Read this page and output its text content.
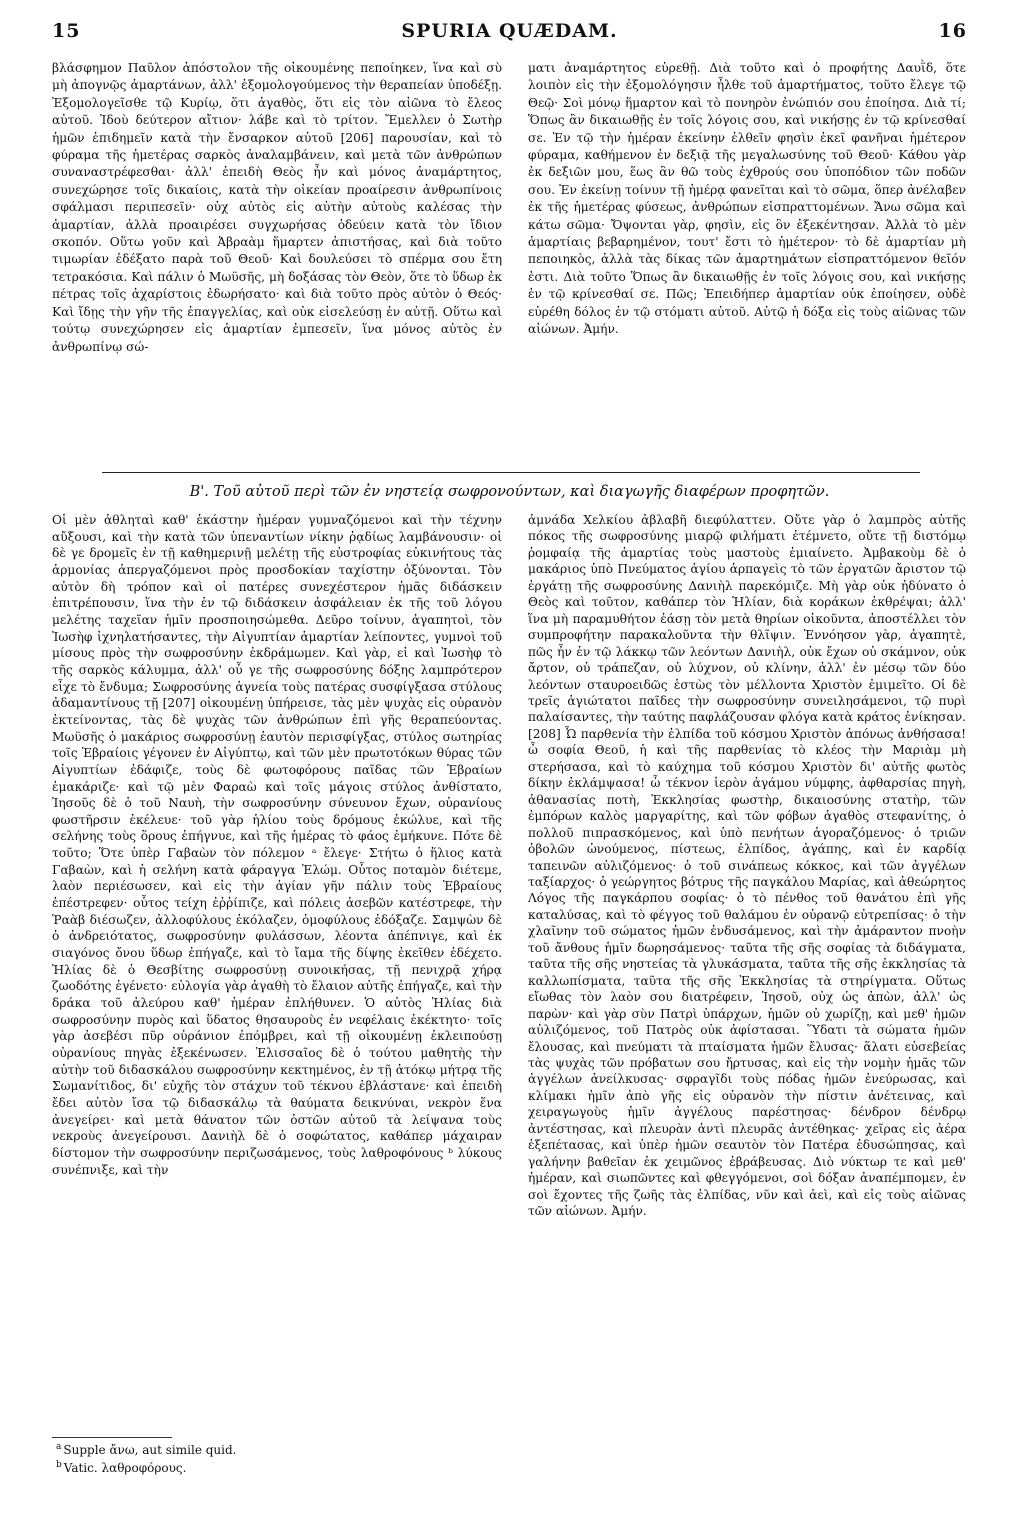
15	SPURIA QUÆDAM.	16

βλάσφημον Παῦλον ἀπόστολον τῆς οἰκουμένης πεποίηκεν, ἵνα καὶ σὺ μὴ ἀπογνῷς ἁμαρτάνων, ἀλλ' ἐξομολογούμενος τὴν θεραπείαν ὑποδέξῃ. Ἐξομολογεῖσθε τῷ Κυρίῳ, ὅτι ἀγαθὸς, ὅτι εἰς τὸν αἰῶνα τὸ ἔλεος αὐτοῦ. Ἰδοὺ δεύτερον αἴτιον· λάβε καὶ τὸ τρίτον. Ἔμελλεν ὁ Σωτὴρ ἡμῶν ἐπιδημεῖν κατὰ τὴν ἔνσαρκον αὐτοῦ [206] παρουσίαν, καὶ τὸ φύραμα τῆς ἡμετέρας σαρκὸς ἀναλαμβάνειν, καὶ μετὰ τῶν ἀνθρώπων συναναστρέφεσθαι· ἀλλ' ἐπειδὴ Θεὸς ἦν καὶ μόνος ἀναμάρτητος, συνεχώρησε τοῖς δικαίοις, κατὰ τὴν οἰκείαν προαίρεσιν ἀνθρωπίνοις σφάλμασι περιπεσεῖν· οὐχ αὐτὸς εἰς αὐτὴν αὐτοὺς καλέσας τὴν ἁμαρτίαν, ἀλλὰ προαιρέσει συγχωρήσας ὁδεύειν κατὰ τὸν ἴδιον σκοπόν. Οὕτω γοῦν καὶ Ἀβραὰμ ἥμαρτεν ἀπιστήσας, καὶ διὰ τοῦτο τιμωρίαν ἐδέξατο παρὰ τοῦ Θεοῦ· Καὶ δουλεύσει τὸ σπέρμα σου ἔτη τετρακόσια. Καὶ πάλιν ὁ Μωϋσῆς, μὴ δοξάσας τὸν Θεὸν, ὅτε τὸ ὕδωρ ἐκ πέτρας τοῖς ἀχαρίστοις ἐδωρήσατο· καὶ διὰ τοῦτο πρὸς αὐτὸν ὁ Θεός· Καὶ ἴδῃς τὴν γῆν τῆς ἐπαγγελίας, καὶ οὐκ εἰσελεύσῃ ἐν αὐτῇ. Οὕτω καὶ τούτῳ συνεχώρησεν εἰς ἁμαρτίαν ἐμπεσεῖν, ἵνα μόνος αὐτὸς ἐν ἀνθρωπίνῳ σώ-

ματι ἀναμάρτητος εὑρεθῇ. Διὰ τοῦτο καὶ ὁ προφήτης Δαυῒδ, ὅτε λοιπὸν εἰς τὴν ἐξομολόγησιν ἦλθε τοῦ ἁμαρτήματος, τοῦτο ἔλεγε τῷ Θεῷ· Σοὶ μόνῳ ἥμαρτον καὶ τὸ πονηρὸν ἐνώπιόν σου ἐποίησα. Διὰ τί; Ὅπως ἂν δικαιωθῇς ἐν τοῖς λόγοις σου, καὶ νικήσῃς ἐν τῷ κρίνεσθαί σε. Ἐν τῷ τὴν ἡμέραν ἐκείνην ἐλθεῖν φησὶν ἐκεῖ φανῆναι ἡμέτερον φύραμα, καθήμενον ἐν δεξιᾷ τῆς μεγαλωσύνης τοῦ Θεοῦ· Κάθου γὰρ ἐκ δεξιῶν μου, ἕως ἂν θῶ τοὺς ἐχθρούς σου ὑποπόδιον τῶν ποδῶν σου. Ἐν ἐκείνῃ τοίνυν τῇ ἡμέρᾳ φανεῖται καὶ τὸ σῶμα, ὅπερ ἀνέλαβεν ἐκ τῆς ἡμετέρας φύσεως, ἀνθρώπων εἰσπραττομένων. Ἄνω σῶμα καὶ κάτω σῶμα· Ὄψονται γὰρ, φησὶν, εἰς ὃν ἐξεκέντησαν. Ἀλλὰ τὸ μὲν ἁμαρτίαις βεβαρημένον, τουτ' ἔστι τὸ ἡμέτερον· τὸ δὲ ἁμαρτίαν μὴ πεποιηκὸς, ἀλλὰ τὰς δίκας τῶν ἁμαρτημάτων εἰσπραττόμενον θεῖόν ἐστι. Διὰ τοῦτο Ὅπως ἂν δικαιωθῇς ἐν τοῖς λόγοις σου, καὶ νικήσῃς ἐν τῷ κρίνεσθαί σε. Πῶς; Ἐπειδήπερ ἁμαρτίαν οὐκ ἐποίησεν, οὐδὲ εὑρέθη δόλος ἐν τῷ στόματι αὐτοῦ. Αὐτῷ ἡ δόξα εἰς τοὺς αἰῶνας τῶν αἰώνων. Ἀμήν.

Β'. Τοῦ αὐτοῦ περὶ τῶν ἐν νηστείᾳ σωφρονούντων, καὶ διαγωγῆς διαφέρων προφητῶν.

Οἱ μὲν ἀθληταὶ καθ' ἑκάστην ἡμέραν γυμναζόμενοι καὶ τὴν τέχνην αὔξουσι, καὶ τὴν κατὰ τῶν ὑπεναντίων νίκην ῥᾳδίως λαμβάνουσιν· οἱ δὲ γε δρομεῖς ἐν τῇ καθημερινῇ μελέτῃ τῆς εὐστροφίας εὐκινήτους τὰς ἁρμονίας ἀπεργαζόμενοι πρὸς προσδοκίαν ταχίστην ὀξύνονται. Τὸν αὐτὸν δὴ τρόπον καὶ οἱ πατέρες συνεχέστερον ἡμᾶς διδάσκειν ἐπιτρέπουσιν, ἵνα τὴν ἐν τῷ διδάσκειν ἀσφάλειαν ἐκ τῆς τοῦ λόγου μελέτης ταχεῖαν ἡμῖν προσποιησώμεθα. Δεῦρο τοίνυν, ἀγαπητοὶ, τὸν Ἰωσὴφ ἰχνηλατήσαντες, τὴν Αἰγυπτίαν ἁμαρτίαν λείποντες, γυμνοὶ τοῦ μίσους πρὸς τὴν σωφροσύνην ἐκδράμωμεν. Καὶ γὰρ, εἰ καὶ Ἰωσὴφ τὸ τῆς σαρκὸς κάλυμμα, ἀλλ' οὖ γε τῆς σωφροσύνης δόξης λαμπρότερον εἶχε τὸ ἔνδυμα; Σωφροσύνης ἁγνεία τοὺς πατέρας συσφίγξασα στύλους ἀδαμαντίνους τῇ [207] οἰκουμένῃ ὑπήρεισε, τὰς μὲν ψυχὰς εἰς οὐρανὸν ἐκτείνοντας, τὰς δὲ ψυχὰς τῶν ἀνθρώπων ἐπὶ γῆς θεραπεύοντας. Μωϋσῆς ὁ μακάριος σωφροσύνῃ ἑαυτὸν περισφίγξας, στύλος σωτηρίας τοῖς Ἑβραίοις γέγονεν ἐν Αἰγύπτῳ, καὶ τῶν μὲν πρωτοτόκων θύρας τῶν Αἰγυπτίων ἐδάφιζε, τοὺς δὲ φωτοφόρους παῖδας τῶν Ἑβραίων ἐμακάριζε· καὶ τῷ μὲν Φαραὼ καὶ τοῖς μάγοις στύλος ἀνθίστατο, Ἰησοῦς δὲ ὁ τοῦ Ναυὴ, τὴν σωφροσύνην σύνευνον ἔχων, οὐρανίους φωστῆρσιν ἐκέλευε· τοῦ γὰρ ἡλίου τοὺς δρόμους ἐκώλυε, καὶ τῆς σελήνης τοὺς ὅρους ἐπήγνυε, καὶ τῆς ἡμέρας τὸ φάος ἐμήκυνε. Πότε δὲ τοῦτο; Ὅτε ὑπὲρ Γαβαὼν τὸν πόλεμον ᵃ ἔλεγε· Στήτω ὁ ἥλιος κατὰ Γαβαὼν, καὶ ἡ σελήνη κατὰ φάραγγα Ἐλώμ. Οὗτος ποταμὸν διέτεμε, λαὸν περιέσωσεν, καὶ εἰς τὴν ἁγίαν γῆν πάλιν τοὺς Ἑβραίους ἐπέστρεφεν· οὗτος τείχη ἐῤῥίπιζε, καὶ πόλεις ἀσεβῶν κατέστρεφε, τὴν Ῥαὰβ διέσωζεν, ἀλλοφύλους ἐκόλαζεν, ὁμοφύλους ἐδόξαζε. Σαμψὼν δὲ ὁ ἀνδρειότατος, σωφροσύνην φυλάσσων, λέοντα ἀπέπνιγε, καὶ ἐκ σιαγόνος ὄνου ὕδωρ ἐπήγαζε, καὶ τὸ ἴαμα τῆς δίψης ἐκεῖθεν ἐδέχετο. Ἡλίας δὲ ὁ Θεσβίτης σωφροσύνῃ συνοικήσας, τῇ πενιχρᾷ χήρᾳ ζωοδότης ἐγένετο· εὐλογία γὰρ ἀγαθὴ τὸ ἔλαιον αὐτῆς ἐπήγαζε, καὶ τὴν δράκα τοῦ ἀλεύρου καθ' ἡμέραν ἐπλήθυνεν. Ὁ αὐτὸς Ἡλίας διὰ σωφροσύνην πυρὸς καὶ ὕδατος θησαυροὺς ἐν νεφέλαις ἐκέκτητο· τοῖς γὰρ ἀσεβέσι πῦρ οὐράνιον ἐπόμβρει, καὶ τῇ οἰκουμένῃ ἐκλειπούσῃ οὐρανίους πηγὰς ἐξεκένωσεν. Ἐλισσαῖος δὲ ὁ τούτου μαθητὴς τὴν αὐτὴν τοῦ διδασκάλου σωφροσύνην κεκτημένος, ἐν τῇ ἀτόκῳ μήτρᾳ τῆς Σωμανίτιδος, δι' εὐχῆς τὸν στάχυν τοῦ τέκνου ἐβλάστανε· καὶ ἐπειδὴ ἔδει αὐτὸν ἴσα τῷ διδασκάλῳ τὰ θαύματα δεικνύναι, νεκρὸν ἕνα ἀνεγείρει· καὶ μετὰ θάνατον τῶν ὀστῶν αὐτοῦ τὰ λείψανα τοὺς νεκροὺς ἀνεγείρουσι. Δανιὴλ δὲ ὁ σοφώτατος, καθάπερ μάχαιραν δίστομον τὴν σωφροσύνην περιζωσάμενος, τοὺς λαθροφόνους ᵇ λύκους συνέπνιξε, καὶ τὴν

ἀμνάδα Χελκίου ἀβλαβῆ διεφύλαττεν. Οὔτε γὰρ ὁ λαμπρὸς αὐτῆς πόκος τῆς σωφροσύνης μιαρῷ φιλήματι ἐτέμνετο, οὔτε τῇ διστόμῳ ῥομφαίᾳ τῆς ἁμαρτίας τοὺς μαστοὺς ἐμιαίνετο. Ἀμβακοὺμ δὲ ὁ μακάριος ὑπὸ Πνεύματος ἁγίου ἁρπαγεὶς τὸ τῶν ἐργατῶν ἄριστον τῷ ἐργάτῃ τῆς σωφροσύνης Δανιὴλ παρεκόμιζε. Μὴ γὰρ οὐκ ἠδύνατο ὁ Θεὸς καὶ τοῦτον, καθάπερ τὸν Ἡλίαν, διὰ κοράκων ἐκθρέψαι; ἀλλ' ἵνα μὴ παραμυθήτον ἐάσῃ τὸν μετὰ θηρίων οἰκοῦντα, ἀποστέλλει τὸν συμπροφήτην παρακαλοῦντα τὴν θλῖψιν. Ἐννόησον γὰρ, ἀγαπητὲ, πῶς ἦν ἐν τῷ λάκκῳ τῶν λεόντων Δανιὴλ, οὐκ ἔχων οὐ σκάμνον, οὐκ ἄρτον, οὐ τράπεζαν, οὐ λύχνον, οὐ κλίνην, ἀλλ' ἐν μέσῳ τῶν δύο λεόντων σταυροειδῶς ἑστὼς τὸν μέλλοντα Χριστὸν ἐμιμεῖτο. Οἱ δὲ τρεῖς ἁγιώτατοι παῖδες τὴν σωφροσύνην συνειλησάμενοι, τῷ πυρὶ παλαίσαντες, τὴν ταύτης παφλάζουσαν φλόγα κατὰ κράτος ἐνίκησαν. [208] Ὦ παρθενία τὴν ἐλπίδα τοῦ κόσμου Χριστὸν ἀπόνως ἀνθήσασα! ὦ σοφία Θεοῦ, ἡ καὶ τῆς παρθενίας τὸ κλέος τὴν Μαριὰμ μὴ στερήσασα, καὶ τὸ καύχημα τοῦ κόσμου Χριστὸν δι' αὐτῆς φωτὸς δίκην ἐκλάμψασα! ὦ τέκνον ἱερὸν ἀγάμου νύμφης, ἀφθαρσίας πηγὴ, ἀθανασίας ποτὴ, Ἐκκλησίας φωστὴρ, δικαιοσύνης στατὴρ, τῶν ἐμπόρων καλὸς μαργαρίτης, καὶ τῶν φόβων ἀγαθὸς στεφανίτης, ὁ πολλοῦ πιπρασκόμενος, καὶ ὑπὸ πενήτων ἀγοραζόμενος· ὁ τριῶν ὀβολῶν ὠνούμενος, πίστεως, ἐλπίδος, ἀγάπης, καὶ ἐν καρδίᾳ ταπεινῶν αὐλιζόμενος· ὁ τοῦ σινάπεως κόκκος, καὶ τῶν ἀγγέλων ταξίαρχος· ὁ γεώργητος βότρυς τῆς παγκάλου Μαρίας, καὶ ἀθεώρητος Λόγος τῆς παγκάρπου σοφίας· ὁ τὸ πένθος τοῦ θανάτου ἐπὶ γῆς καταλύσας, καὶ τὸ φέγγος τοῦ θαλάμου ἐν οὐρανῷ εὐτρεπίσας· ὁ τὴν χλαῖνην τοῦ σώματος ἡμῶν ἐνδυσάμενος, καὶ τὴν ἀμάραντον πνοὴν τοῦ ἄνθους ἡμῖν δωρησάμενος· ταῦτα τῆς σῆς σοφίας τὰ διδάγματα, ταῦτα τῆς σῆς νηστείας τὰ γλυκάσματα, ταῦτα τῆς σῆς ἐκκλησίας τὰ καλλωπίσματα, ταῦτα τῆς σῆς Ἐκκλησίας τὰ στηρίγματα. Οὕτως εἴωθας τὸν λαὸν σου διατρέφειν, Ἰησοῦ, οὐχ ὡς ἀπὼν, ἀλλ' ὡς παρὼν· καὶ γὰρ σὺν Πατρὶ ὑπάρχων, ἡμῶν οὐ χωρίζῃ, καὶ μεθ' ἡμῶν αὐλιζόμενος, τοῦ Πατρὸς οὐκ ἀφίστασαι. Ὕδατι τὰ σώματα ἡμῶν ἔλουσας, καὶ πνεύματι τὰ πταίσματα ἡμῶν ἔλυσας· ἅλατι εὐσεβείας τὰς ψυχὰς τῶν πρόβατων σου ἤρτυσας, καὶ εἰς τὴν νομὴν ἡμᾶς τῶν ἀγγέλων ἀνείλκυσας· σφραγῖδι τοὺς πόδας ἡμῶν ἐνεύρωσας, καὶ κλίμακι ἡμῖν ἀπὸ γῆς εἰς οὐρανὸν τὴν πίστιν ἀνέτεινας, καὶ χειραγωγοὺς ἡμῖν ἀγγέλους παρέστησας· δένδρον δένδρῳ ἀντέστησας, καὶ πλευρὰν ἀντὶ πλευρᾶς ἀντέθηκας· χεῖρας εἰς ἀέρα ἐξεπέτασας, καὶ ὑπὲρ ἡμῶν σεαυτὸν τὸν Πατέρα ἐδυσώπησας, καὶ γαλήνην βαθεῖαν ἐκ χειμῶνος ἐβράβευσας. Διὸ νύκτωρ τε καὶ μεθ' ἡμέραν, καὶ σιωπῶντες καὶ φθεγγόμενοι, σοὶ δόξαν ἀναπέμπομεν, ἐν σοὶ ἔχοντες τῆς ζωῆς τὰς ἐλπίδας, νῦν καὶ ἀεὶ, καὶ εἰς τοὺς αἰῶνας τῶν αἰώνων. Ἀμήν.

$^a$ Supple ἄνω, aut simile quid.
$^b$ Vatic. λαθροφόρους.
